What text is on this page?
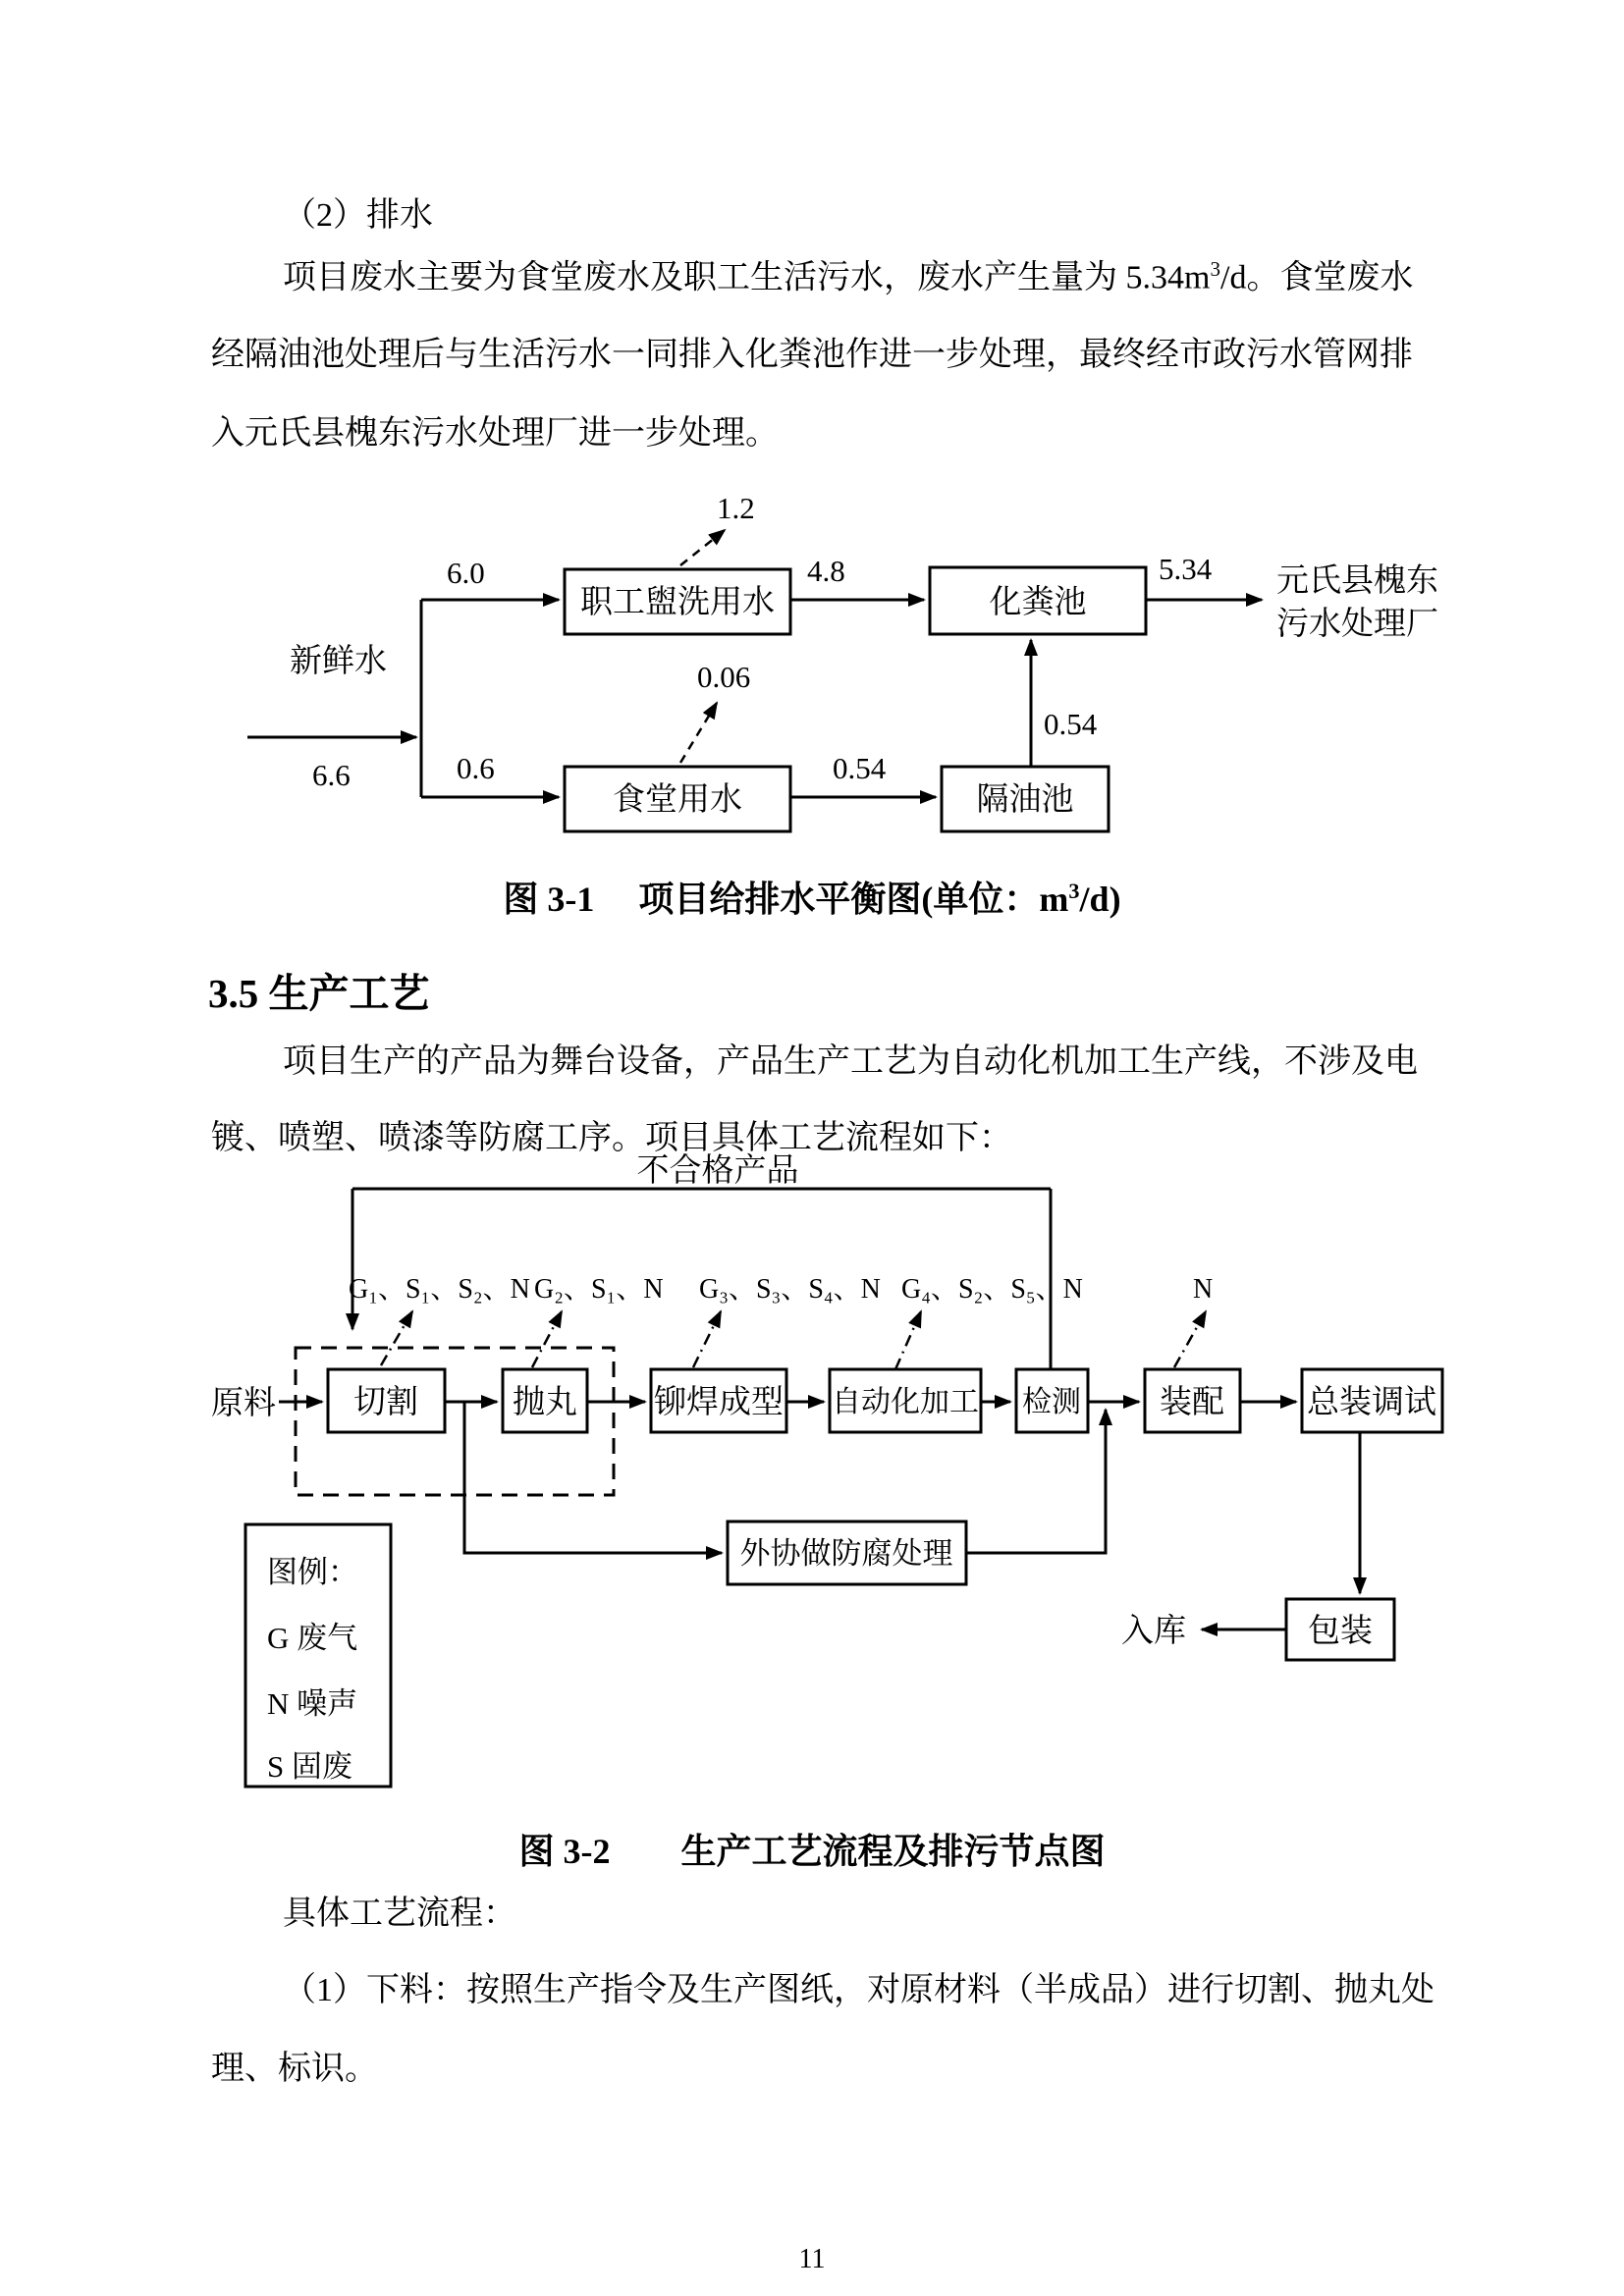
（2）排水
项目废水主要为食堂废水及职工生活污水，废水产生量为 $5.34m^3/d$。食堂废水
经隔油池处理后与生活污水一同排入化粪池作进一步处理，最终经市政污水管网排
入元氏县槐东污水处理厂进一步处理。
图 3-1　 项目给排水平衡图(单位：$m^3/d$)
3.5 生产工艺
项目生产的产品为舞台设备，产品生产工艺为自动化机加工生产线，不涉及电
镀、喷塑、喷漆等防腐工序。项目具体工艺流程如下：
图 3-2　　生产工艺流程及排污节点图
具体工艺流程：
（1）下料：按照生产指令及生产图纸，对原材料（半成品）进行切割、抛丸处
理、标识。
11
新鲜水
6.6
6.0
职工盥洗用水
1.2
4.8
化粪池
5.34 元氏县槐东
污水处理厂
0.6
食堂用水
0.06
0.54
隔油池
0.54
不合格产品
G₁、S₁、S₂、N G₂、S₁、N G₃、S₃、S₄、N G₄、S₂、S₅、N	N
原料 切割	抛丸 铆焊成型 自动化加工 检测 装配	总装调试
外协做防腐处理
包装
入库
图例：
G 废气
N 噪声
S 固废
